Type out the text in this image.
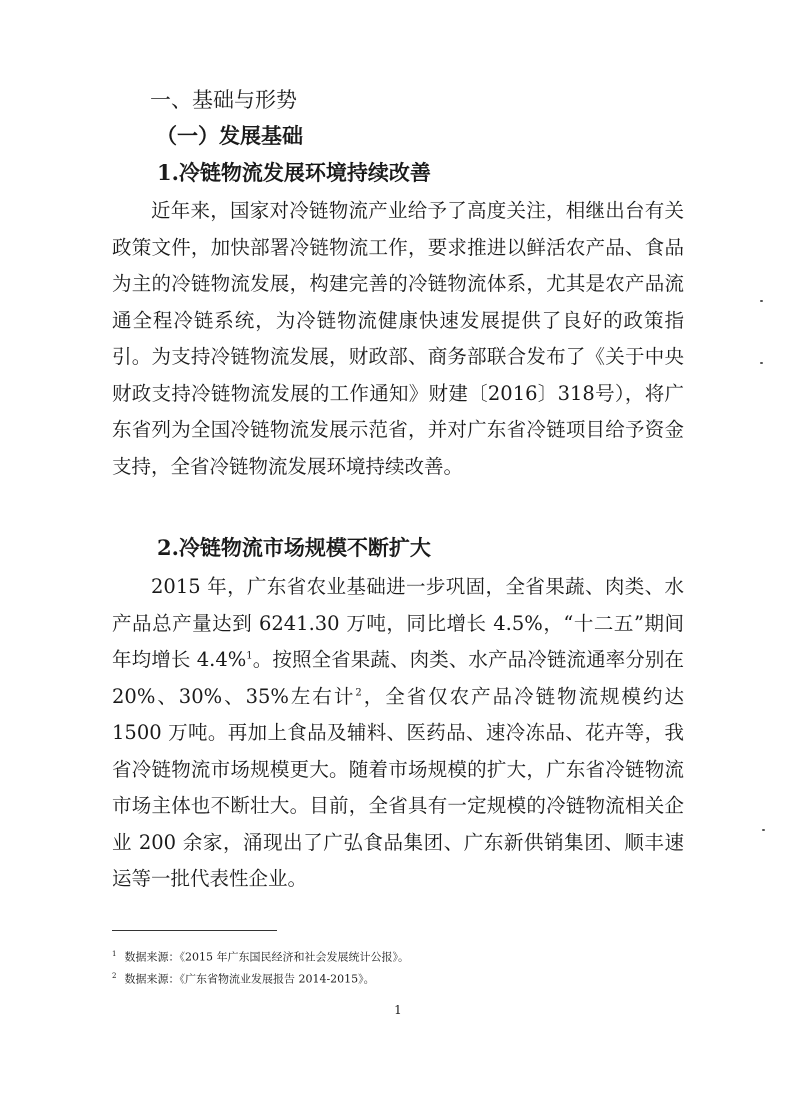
一、基础与形势
（一）发展基础
1.冷链物流发展环境持续改善

近年来，国家对冷链物流产业给予了高度关注，相继出台有关政策文件，加快部署冷链物流工作，要求推进以鲜活农产品、食品为主的冷链物流发展，构建完善的冷链物流体系，尤其是农产品流通全程冷链系统，为冷链物流健康快速发展提供了良好的政策指引。为支持冷链物流发展，财政部、商务部联合发布了《关于中央财政支持冷链物流发展的工作通知》财建〔2016〕318号），将广东省列为全国冷链物流发展示范省，并对广东省冷链项目给予资金支持，全省冷链物流发展环境持续改善。

2.冷链物流市场规模不断扩大

2015 年，广东省农业基础进一步巩固，全省果蔬、肉类、水产品总产量达到 6241.30 万吨，同比增长 4.5%，“十二五”期间年均增长 4.4%$^1$。按照全省果蔬、肉类、水产品冷链流通率分别在 20%、30%、35%左右计$^2$，全省仅农产品冷链物流规模约达 1500 万吨。再加上食品及辅料、医药品、速冷冻品、花卉等，我省冷链物流市场规模更大。随着市场规模的扩大，广东省冷链物流市场主体也不断壮大。目前，全省具有一定规模的冷链物流相关企业 200 余家，涌现出了广弘食品集团、广东新供销集团、顺丰速运等一批代表性企业。

$^1$ 数据来源：《2015 年广东国民经济和社会发展统计公报》。

$^2$ 数据来源：《广东省物流业发展报告 2014-2015》。

1
